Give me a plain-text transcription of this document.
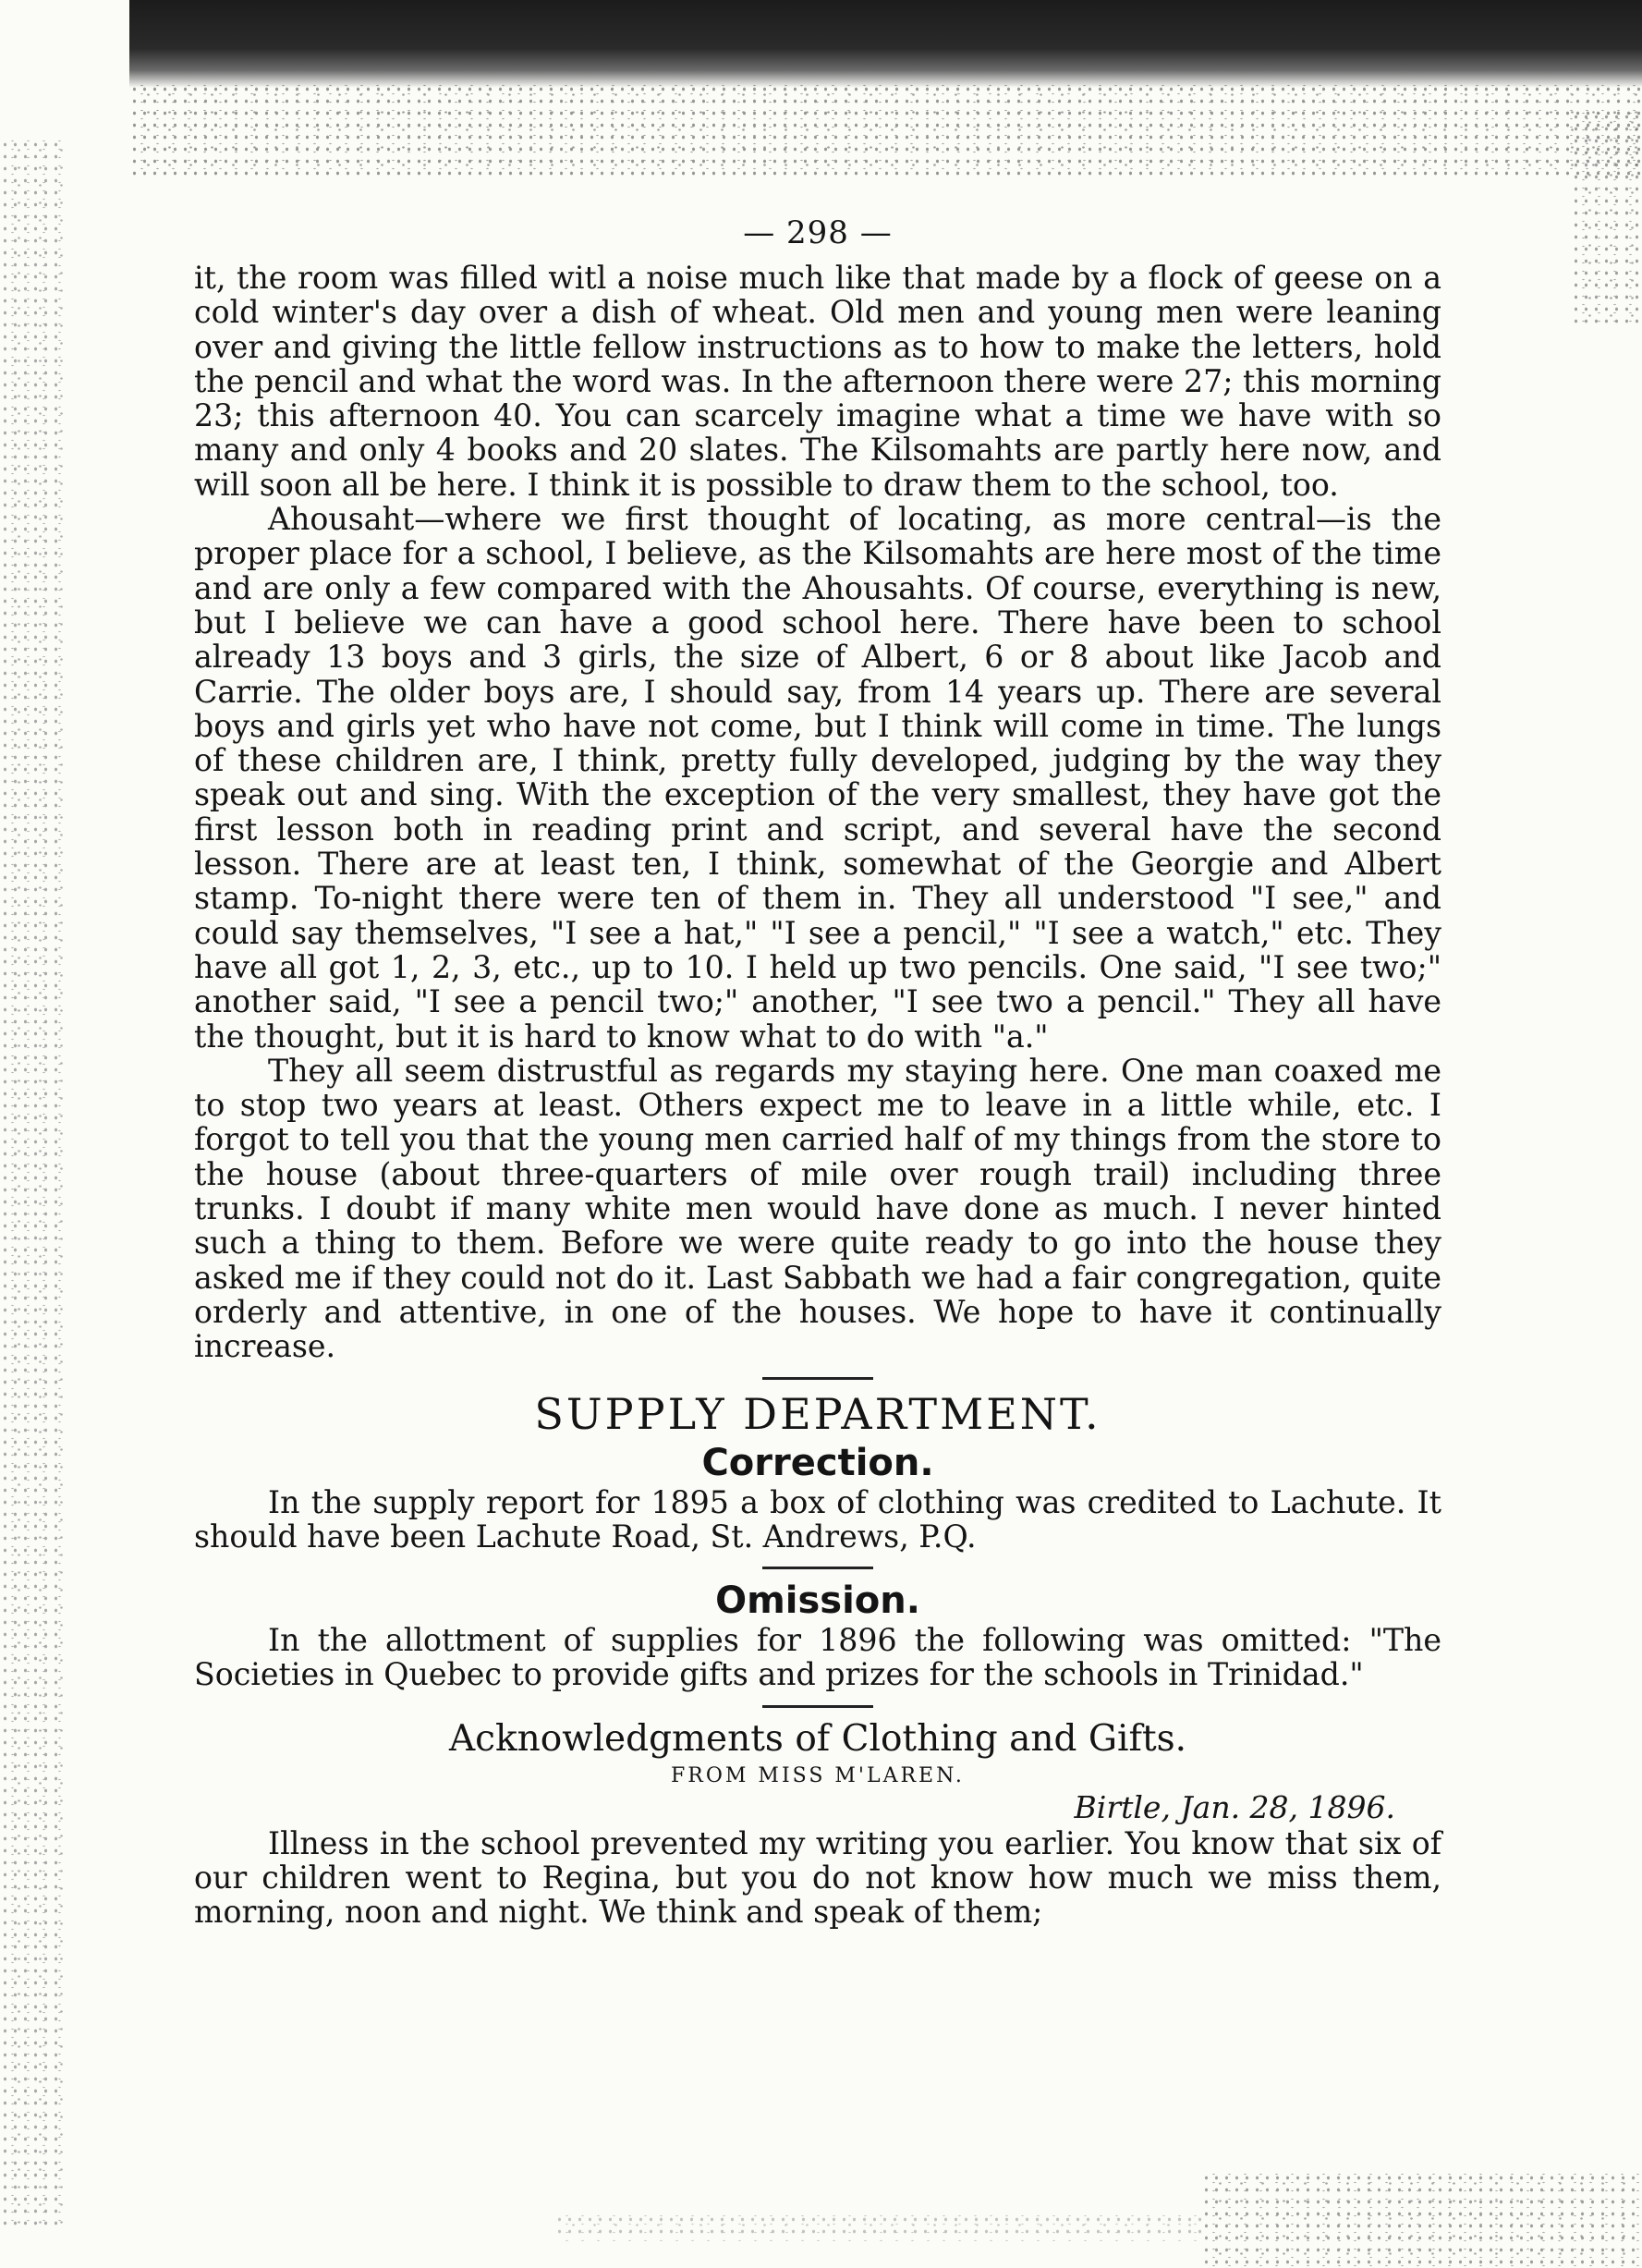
— 298 —

it, the room was filled witl a noise much like that made by a flock of geese on a cold winter's day over a dish of wheat. Old men and young men were leaning over and giving the little fellow instructions as to how to make the letters, hold the pencil and what the word was. In the afternoon there were 27; this morning 23; this afternoon 40. You can scarcely imagine what a time we have with so many and only 4 books and 20 slates. The Kilsomahts are partly here now, and will soon all be here. I think it is possible to draw them to the school, too.

Ahousaht—where we first thought of locating, as more central—is the proper place for a school, I believe, as the Kilsomahts are here most of the time and are only a few compared with the Ahousahts. Of course, everything is new, but I believe we can have a good school here. There have been to school already 13 boys and 3 girls, the size of Albert, 6 or 8 about like Jacob and Carrie. The older boys are, I should say, from 14 years up. There are several boys and girls yet who have not come, but I think will come in time. The lungs of these children are, I think, pretty fully developed, judging by the way they speak out and sing. With the exception of the very smallest, they have got the first lesson both in reading print and script, and several have the second lesson. There are at least ten, I think, somewhat of the Georgie and Albert stamp. To-night there were ten of them in. They all understood "I see," and could say themselves, "I see a hat," "I see a pencil," "I see a watch," etc. They have all got 1, 2, 3, etc., up to 10. I held up two pencils. One said, "I see two;" another said, "I see a pencil two;" another, "I see two a pencil." They all have the thought, but it is hard to know what to do with "a."

They all seem distrustful as regards my staying here. One man coaxed me to stop two years at least. Others expect me to leave in a little while, etc. I forgot to tell you that the young men carried half of my things from the store to the house (about three-quarters of mile over rough trail) including three trunks. I doubt if many white men would have done as much. I never hinted such a thing to them. Before we were quite ready to go into the house they asked me if they could not do it. Last Sabbath we had a fair congregation, quite orderly and attentive, in one of the houses. We hope to have it continually increase.

SUPPLY DEPARTMENT.
Correction.

In the supply report for 1895 a box of clothing was credited to Lachute. It should have been Lachute Road, St. Andrews, P.Q.

Omission.

In the allottment of supplies for 1896 the following was omitted: "The Societies in Quebec to provide gifts and prizes for the schools in Trinidad."

Acknowledgments of Clothing and Gifts.
FROM MISS M'LAREN.
Birtle, Jan. 28, 1896.

Illness in the school prevented my writing you earlier. You know that six of our children went to Regina, but you do not know how much we miss them, morning, noon and night. We think and speak of them;
